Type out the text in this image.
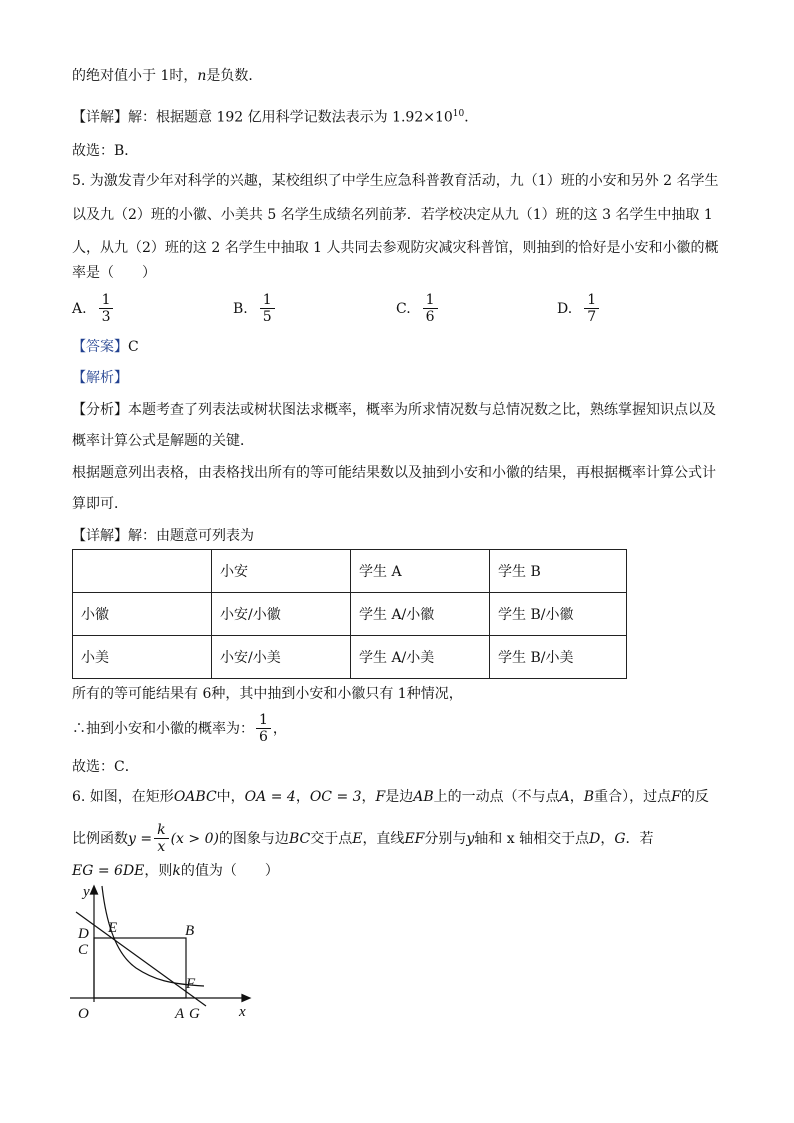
的绝对值小于 1时，n是负数．
【详解】解：根据题意 192 亿用科学记数法表示为 $1.92\times 10^{10}$．
故选：B．
5. 为激发青少年对科学的兴趣，某校组织了中学生应急科普教育活动，九（1）班的小安和另外 2 名学生
以及九（2）班的小徽、小美共 5 名学生成绩名列前茅．若学校决定从九（1）班的这 3 名学生中抽取 1
人，从九（2）班的这 2 名学生中抽取 1 人共同去参观防灾减灾科普馆，则抽到的恰好是小安和小徽的概
率是（　　）
A. $\frac{1}{3}$	B. $\frac{1}{5}$	C. $\frac{1}{6}$	D. $\frac{1}{7}$
【答案】C
【解析】
【分析】本题考查了列表法或树状图法求概率，概率为所求情况数与总情况数之比，熟练掌握知识点以及
概率计算公式是解题的关键．
根据题意列出表格，由表格找出所有的等可能结果数以及抽到小安和小徽的结果，再根据概率计算公式计
算即可．
【详解】解：由题意可列表为
	小安	学生 A	学生 B
小徽	小安/小徽	学生 A/小徽	学生 B/小徽
小美	小安/小美	学生 A/小美	学生 B/小美
所有的等可能结果有 6种，其中抽到小安和小徽只有 1种情况，
∴抽到小安和小徽的概率为： $\frac{1}{6}$ ，
故选：C．
6. 如图，在矩形OABC中，OA = 4，OC = 3，F是边AB上的一动点（不与点A，B重合），过点F的反
比例函数 $y = \frac{k}{x} (x > 0)$ 的图象与边 BC 交于点 E ，直线 EF 分别与 y 轴和 x 轴相交于点 D ， G ．若
EG = 6DE，则k的值为（　　）
y
x
O	A G
B
C
D E
F
